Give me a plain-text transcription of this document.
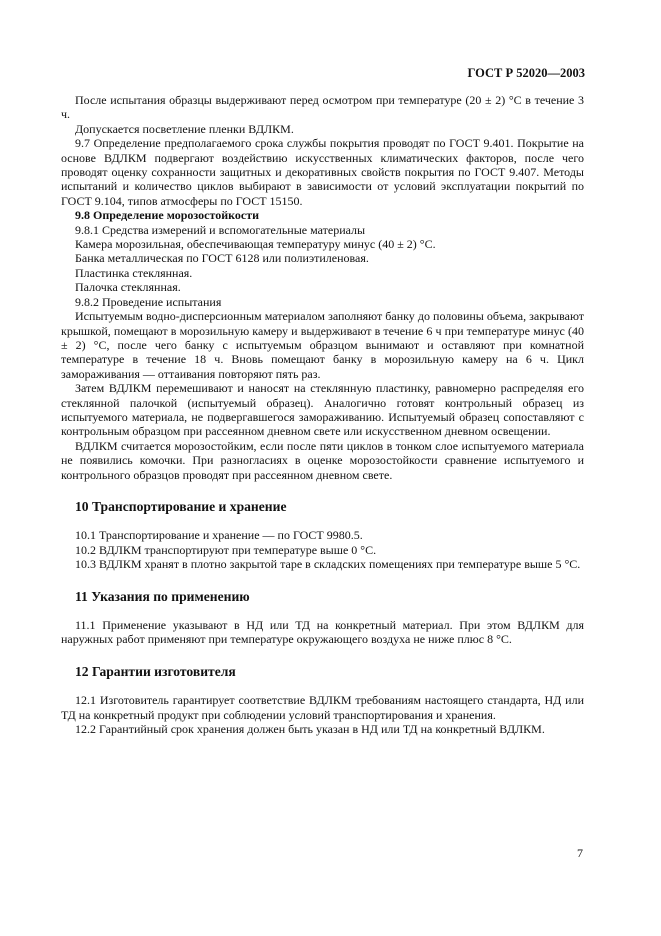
ГОСТ Р 52020—2003

После испытания образцы выдерживают перед осмотром при температуре (20 ± 2) °С в течение 3 ч.

Допускается посветление пленки ВДЛКМ.

9.7 Определение предполагаемого срока службы покрытия проводят по ГОСТ 9.401. Покрытие на основе ВДЛКМ подвергают воздействию искусственных климатических факторов, после чего проводят оценку сохранности защитных и декоративных свойств покрытия по ГОСТ 9.407. Методы испытаний и количество циклов выбирают в зависимости от условий эксплуатации покрытий по ГОСТ 9.104, типов атмосферы по ГОСТ 15150.

9.8 Определение морозостойкости

9.8.1 Средства измерений и вспомогательные материалы

Камера морозильная, обеспечивающая температуру минус (40 ± 2) °С.

Банка металлическая по ГОСТ 6128 или полиэтиленовая.

Пластинка стеклянная.

Палочка стеклянная.

9.8.2 Проведение испытания

Испытуемым водно-дисперсионным материалом заполняют банку до половины объема, закрывают крышкой, помещают в морозильную камеру и выдерживают в течение 6 ч при температуре минус (40 ± 2) °С, после чего банку с испытуемым образцом вынимают и оставляют при комнатной температуре в течение 18 ч. Вновь помещают банку в морозильную камеру на 6 ч. Цикл замораживания — оттаивания повторяют пять раз.

Затем ВДЛКМ перемешивают и наносят на стеклянную пластинку, равномерно распределяя его стеклянной палочкой (испытуемый образец). Аналогично готовят контрольный образец из испытуемого материала, не подвергавшегося замораживанию. Испытуемый образец сопоставляют с контрольным образцом при рассеянном дневном свете или искусственном дневном освещении.

ВДЛКМ считается морозостойким, если после пяти циклов в тонком слое испытуемого материала не появились комочки. При разногласиях в оценке морозостойкости сравнение испытуемого и контрольного образцов проводят при рассеянном дневном свете.

10 Транспортирование и хранение

10.1 Транспортирование и хранение — по ГОСТ 9980.5.

10.2 ВДЛКМ транспортируют при температуре выше 0 °С.

10.3 ВДЛКМ хранят в плотно закрытой таре в складских помещениях при температуре выше 5 °С.

11 Указания по применению

11.1 Применение указывают в НД или ТД на конкретный материал. При этом ВДЛКМ для наружных работ применяют при температуре окружающего воздуха не ниже плюс 8 °С.

12 Гарантии изготовителя

12.1 Изготовитель гарантирует соответствие ВДЛКМ требованиям настоящего стандарта, НД или ТД на конкретный продукт при соблюдении условий транспортирования и хранения.

12.2 Гарантийный срок хранения должен быть указан в НД или ТД на конкретный ВДЛКМ.

7
